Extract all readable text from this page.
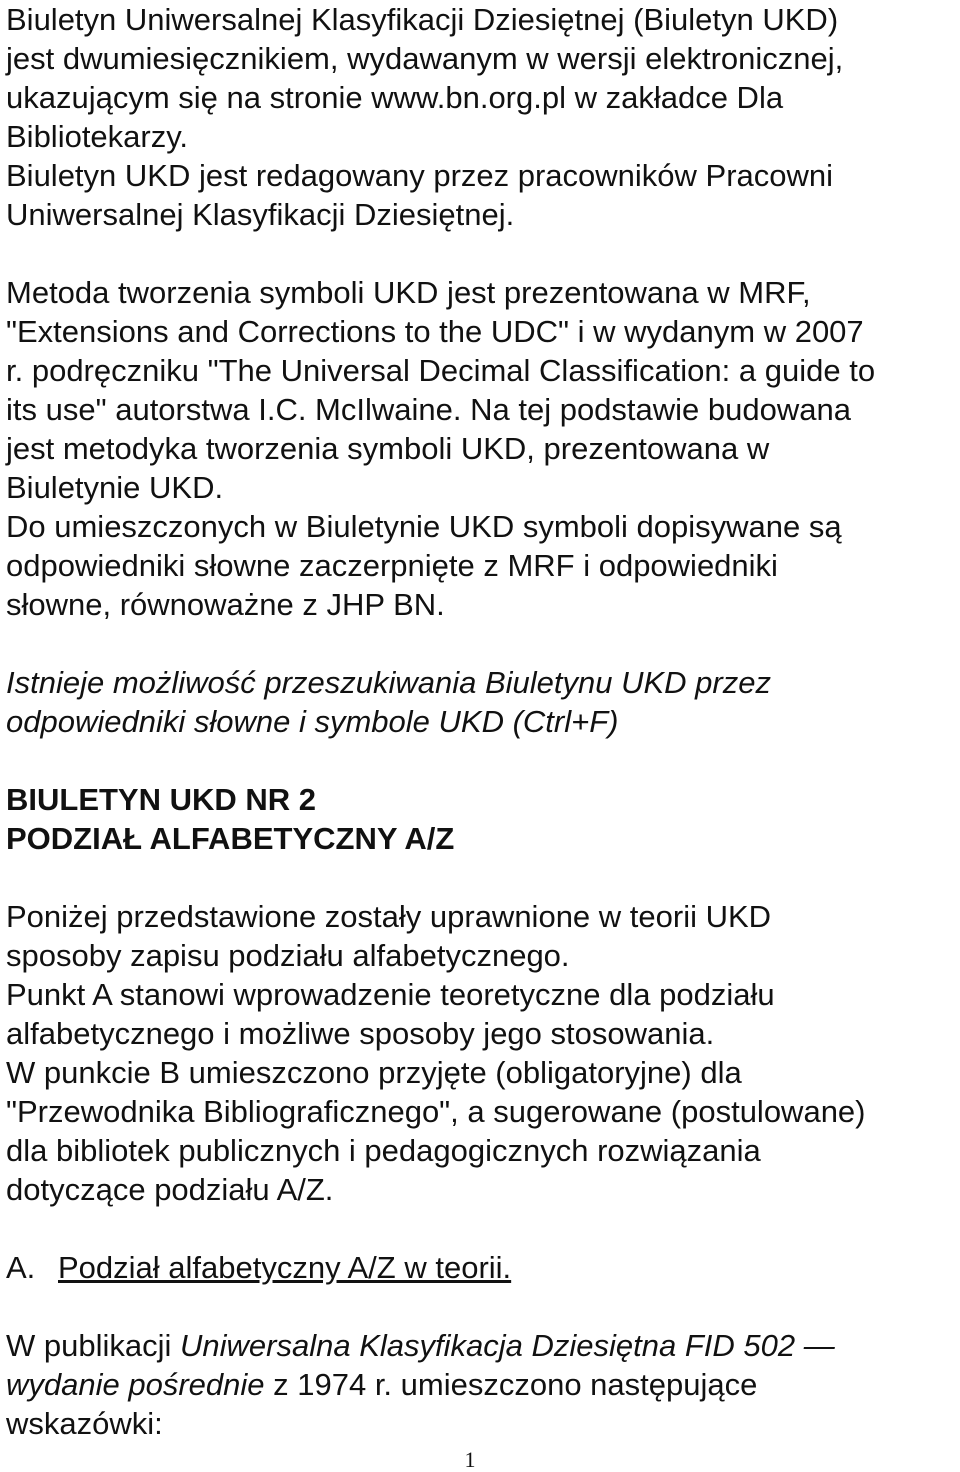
Biuletyn Uniwersalnej Klasyfikacji Dziesiętnej (Biuletyn UKD)
jest dwumiesięcznikiem, wydawanym w wersji elektronicznej,
ukazującym się na stronie www.bn.org.pl w zakładce Dla
Bibliotekarzy.
Biuletyn UKD jest redagowany przez pracowników Pracowni
Uniwersalnej Klasyfikacji Dziesiętnej.
Metoda tworzenia symboli UKD jest prezentowana w MRF,
"Extensions and Corrections to the UDC" i w wydanym w 2007
r. podręczniku "The Universal Decimal Classification: a guide to
its use" autorstwa I.C. McIlwaine. Na tej podstawie budowana
jest metodyka tworzenia symboli UKD, prezentowana w
Biuletynie UKD.
Do umieszczonych w Biuletynie UKD symboli dopisywane są
odpowiedniki słowne zaczerpnięte z MRF i odpowiedniki
słowne, równoważne z JHP BN.
Istnieje możliwość przeszukiwania Biuletynu UKD przez
odpowiedniki słowne i symbole UKD (Ctrl+F)
BIULETYN UKD NR 2
PODZIAŁ ALFABETYCZNY A/Z
Poniżej przedstawione zostały uprawnione w teorii UKD
sposoby zapisu podziału alfabetycznego.
Punkt A stanowi wprowadzenie teoretyczne dla podziału
alfabetycznego i możliwe sposoby jego stosowania.
W punkcie B umieszczono przyjęte (obligatoryjne) dla
"Przewodnika Bibliograficznego", a sugerowane (postulowane)
dla bibliotek publicznych i pedagogicznych rozwiązania
dotyczące podziału A/Z.
A. Podział alfabetyczny A/Z w teorii.
W publikacji Uniwersalna Klasyfikacja Dziesiętna FID 502 —
wydanie pośrednie z 1974 r. umieszczono następujące
wskazówki:
1
